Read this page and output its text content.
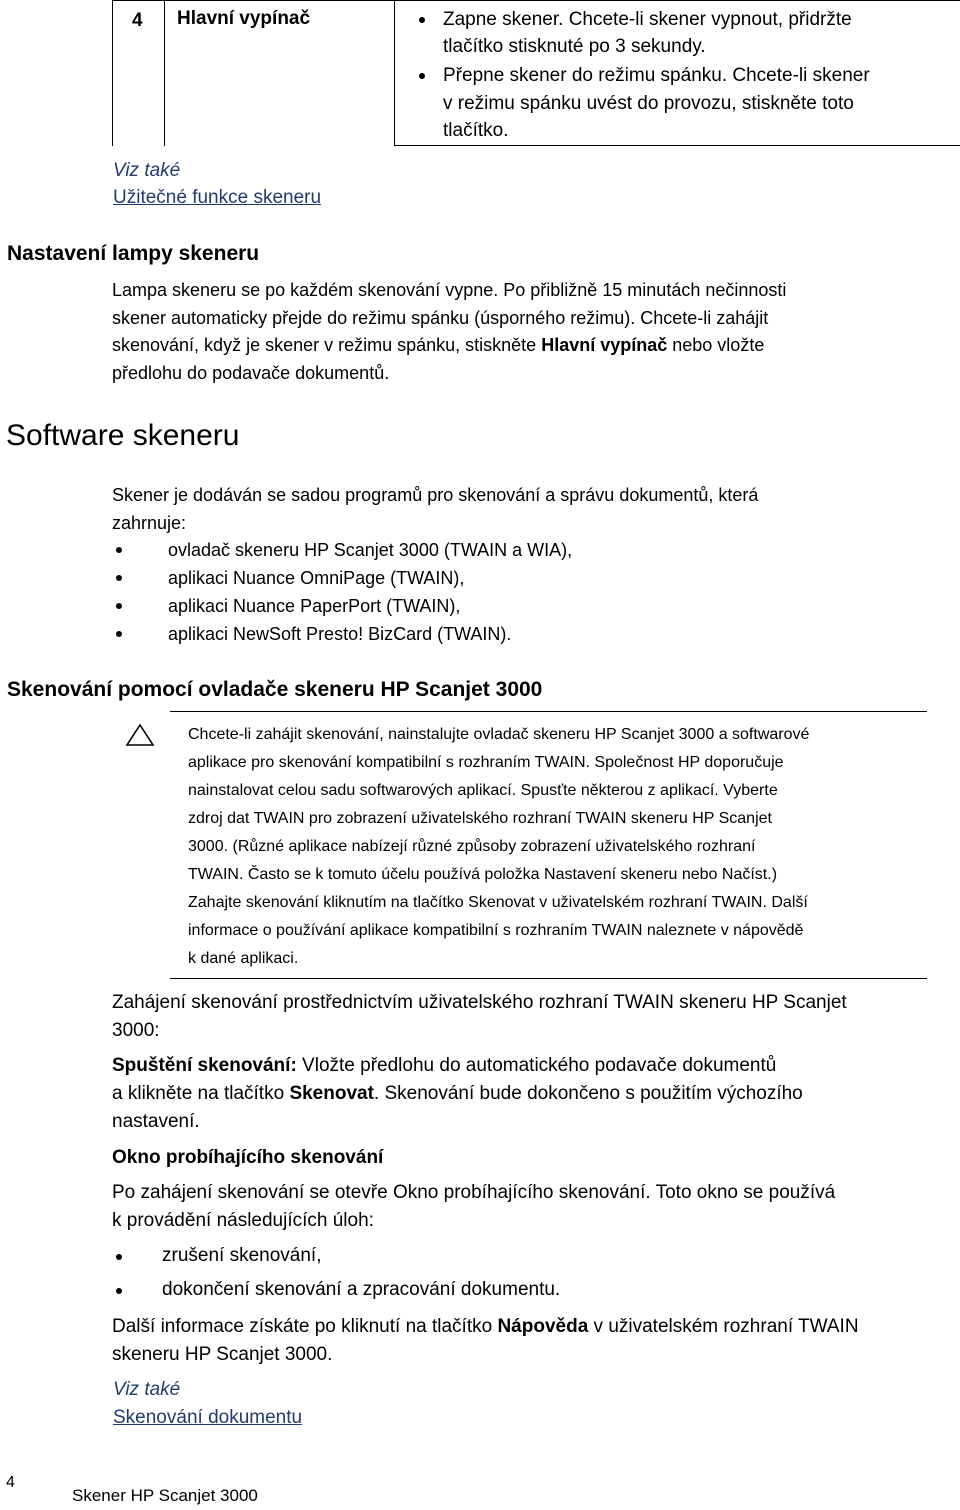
4 Hlavní vypínač	Zapne skener. Chcete-li skener vypnout, přidržte
tlačítko stisknuté po 3 sekundy.
Přepne skener do režimu spánku. Chcete-li skener
v režimu spánku uvést do provozu, stiskněte toto
tlačítko.
Viz také
Užitečné funkce skeneru
Nastavení lampy skeneru
Lampa skeneru se po každém skenování vypne. Po přibližně 15 minutách nečinnosti
skener automaticky přejde do režimu spánku (úsporného režimu). Chcete-li zahájit
skenování, když je skener v režimu spánku, stiskněte Hlavní vypínač nebo vložte
předlohu do podavače dokumentů.
Software skeneru
Skener je dodáván se sadou programů pro skenování a správu dokumentů, která
zahrnuje:
ovladač skeneru HP Scanjet 3000 (TWAIN a WIA),
aplikaci Nuance OmniPage (TWAIN),
aplikaci Nuance PaperPort (TWAIN),
aplikaci NewSoft Presto! BizCard (TWAIN).
Skenování pomocí ovladače skeneru HP Scanjet 3000

Chcete-li zahájit skenování, nainstalujte ovladač skeneru HP Scanjet 3000 a softwarové

aplikace pro skenování kompatibilní s rozhraním TWAIN. Společnost HP doporučuje

nainstalovat celou sadu softwarových aplikací. Spusťte některou z aplikací. Vyberte

zdroj dat TWAIN pro zobrazení uživatelského rozhraní TWAIN skeneru HP Scanjet

3000. (Různé aplikace nabízejí různé způsoby zobrazení uživatelského rozhraní

TWAIN. Často se k tomuto účelu používá položka Nastavení skeneru nebo Načíst.)

Zahajte skenování kliknutím na tlačítko Skenovat v uživatelském rozhraní TWAIN. Další

informace o používání aplikace kompatibilní s rozhraním TWAIN naleznete v nápovědě

k dané aplikaci.

Zahájení skenování prostřednictvím uživatelského rozhraní TWAIN skeneru HP Scanjet
3000:
Spuštění skenování: Vložte předlohu do automatického podavače dokumentů
a klikněte na tlačítko Skenovat. Skenování bude dokončeno s použitím výchozího
nastavení.
Okno probíhajícího skenování
Po zahájení skenování se otevře Okno probíhajícího skenování. Toto okno se používá
k provádění následujících úloh:
zrušení skenování,
dokončení skenování a zpracování dokumentu.
Další informace získáte po kliknutí na tlačítko Nápověda v uživatelském rozhraní TWAIN
skeneru HP Scanjet 3000.
Viz také
Skenování dokumentu
4
Skener HP Scanjet 3000
